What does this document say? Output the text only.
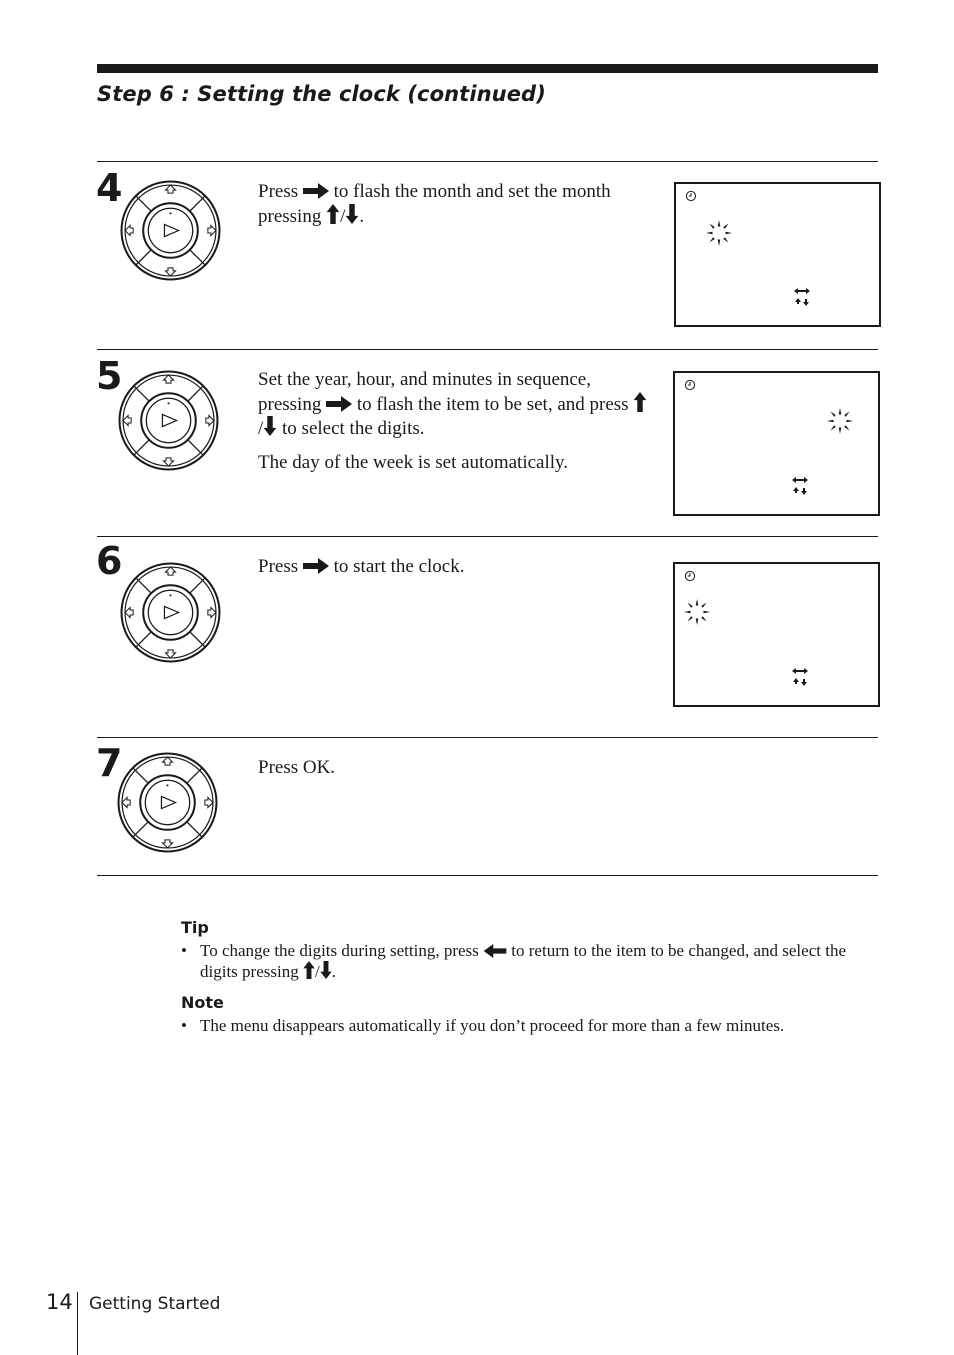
Step 6 : Setting the clock (continued)
4	Press to flash the month and set the month pressing / .
5	Set the year, hour, and minutes in sequence, pressing to flash the item to be set, and press / to select the digits.

The day of the week is set automatically.

6	Press to start the clock.
7	Press OK.
Tip
• To change the digits during setting, press to return to the item to be changed, and select the digits pressing / .
Note
• The menu disappears automatically if you don’t proceed for more than a few minutes.
14 Getting Started
